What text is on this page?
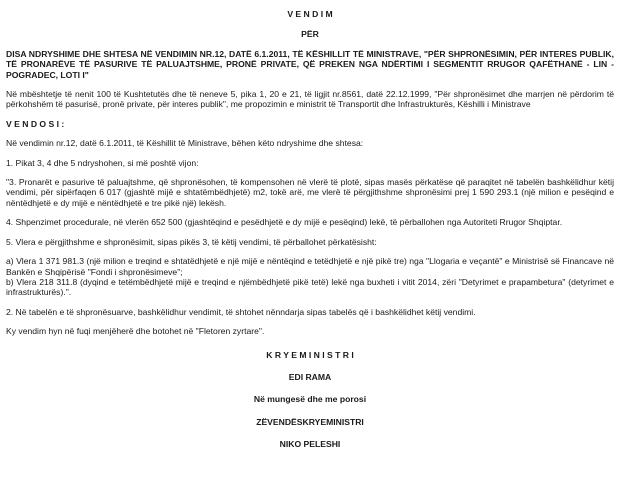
V E N D I M

PËR

DISA NDRYSHIME DHE SHTESA NË VENDIMIN NR.12, DATË 6.1.2011, TË KËSHILLIT TË MINISTRAVE, "PËR SHPRONËSIMIN, PËR INTERES PUBLIK, TË PRONARËVE TË PASURIVE TË PALUAJTSHME, PRONË PRIVATE, QË PREKEN NGA NDËRTIMI I SEGMENTIT RRUGOR QAFËTHANË - LIN - POGRADEC, LOTI I"

Në mbështetje të nenit 100 të Kushtetutës dhe të neneve 5, pika 1, 20 e 21, të ligjit nr.8561, datë 22.12.1999, "Për shpronësimet dhe marrjen në përdorim të përkohshëm të pasurisë, pronë private, për interes publik", me propozimin e ministrit të Transportit dhe Infrastrukturës, Këshilli i Ministrave

V E N D O S I :

Në vendimin nr.12, datë 6.1.2011, të Këshillit të Ministrave, bëhen këto ndryshime dhe shtesa:

1. Pikat 3, 4 dhe 5 ndryshohen, si më poshtë vijon:

"3. Pronarët e pasurive të paluajtshme, që shpronësohen, të kompensohen në vlerë të plotë, sipas masës përkatëse që paraqitet në tabelën bashkëlidhur këtij vendimi, për sipërfaqen 6 017 (gjashtë mijë e shtatëmbëdhjetë) m2, tokë arë, me vlerë të përgjithshme shpronësimi prej 1 590 293.1 (një milion e pesëqind e nëntëdhjetë e dy mijë e nëntëdhjetë e tre pikë një) lekësh.

4. Shpenzimet procedurale, në vlerën 652 500 (gjashtëqind e pesëdhjetë e dy mijë e pesëqind) lekë, të përballohen nga Autoriteti Rrugor Shqiptar.

5. Vlera e përgjithshme e shpronësimit, sipas pikës 3, të këtij vendimi, të përballohet përkatësisht:

a) Vlera 1 371 981.3 (një milion e treqind e shtatëdhjetë e një mijë e nëntëqind e tetëdhjetë e një pikë tre) nga "Llogaria e veçantë" e Ministrisë së Financave në Bankën e Shqipërisë "Fondi i shpronësimeve";

b) Vlera 218 311.8 (dyqind e tetëmbëdhjetë mijë e treqind e njëmbëdhjetë pikë tetë) lekë nga buxheti i vitit 2014, zëri "Detyrimet e prapambetura" (detyrimet e infrastrukturës).".

2. Në tabelën e të shpronësuarve, bashkëlidhur vendimit, të shtohet nënndarja sipas tabelës që i bashkëlidhet këtij vendimi.

Ky vendim hyn në fuqi menjëherë dhe botohet në "Fletoren zyrtare".

K R Y E M I N I S T R I

EDI RAMA

Në mungesë dhe me porosi

ZËVENDËSKRYEMINISTRI

NIKO PELESHI
